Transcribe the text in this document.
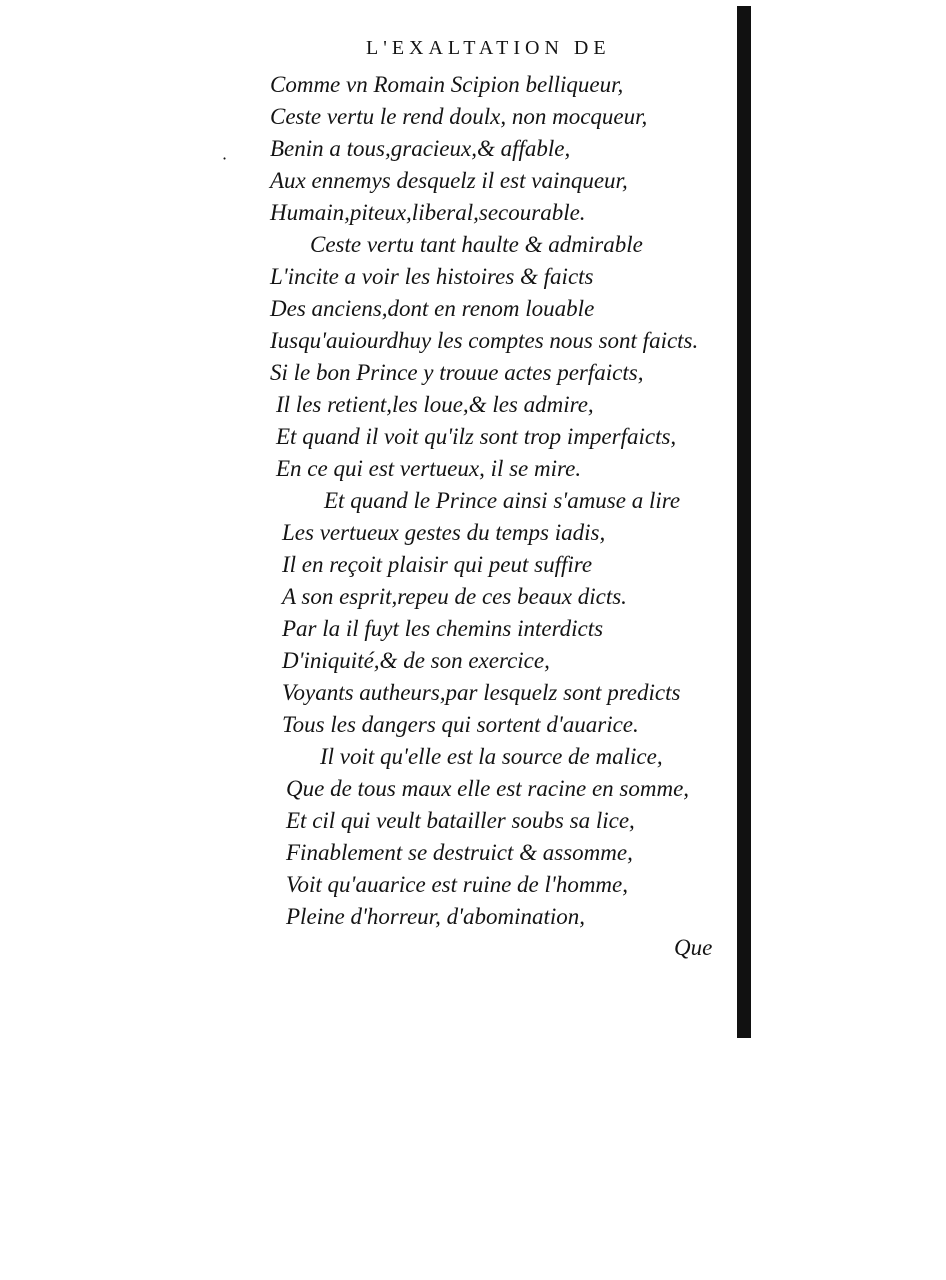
L'EXALTATION DE
·
Comme vn Romain Scipion belliqueur,
Ceste vertu le rend doulx, non mocqueur,
Benin a tous,gracieux,& affable,
Aux ennemys desquelz il est vainqueur,
Humain,piteux,liberal,secourable.
Ceste vertu tant haulte & admirable
L'incite a voir les histoires & faicts
Des anciens,dont en renom louable
Iusqu'auiourdhuy les comptes nous sont faicts.
Si le bon Prince y trouue actes perfaicts,
Il les retient,les loue,& les admire,
Et quand il voit qu'ilz sont trop imperfaicts,
En ce qui est vertueux, il se mire.
Et quand le Prince ainsi s'amuse a lire
Les vertueux gestes du temps iadis,
Il en reçoit plaisir qui peut suffire
A son esprit,repeu de ces beaux dicts.
Par la il fuyt les chemins interdicts
D'iniquité,& de son exercice,
Voyants autheurs,par lesquelz sont predicts
Tous les dangers qui sortent d'auarice.
Il voit qu'elle est la source de malice,
Que de tous maux elle est racine en somme,
Et cil qui veult batailler soubs sa lice,
Finablement se destruict & assomme,
Voit qu'auarice est ruine de l'homme,
Pleine d'horreur, d'abomination,
Que
